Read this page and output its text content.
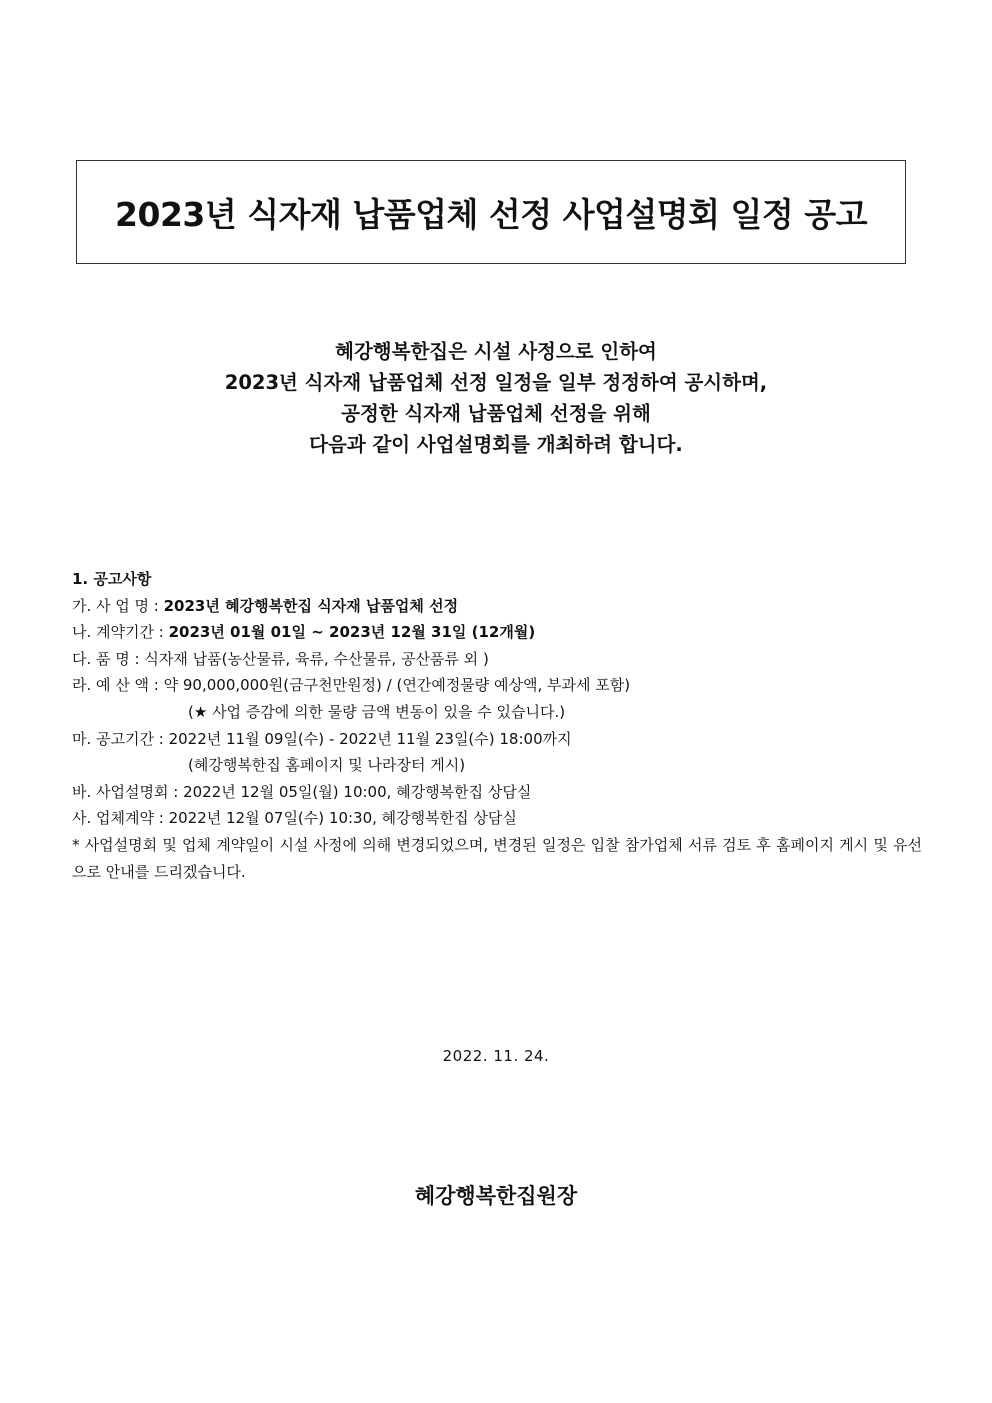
2023년 식자재 납품업체 선정 사업설명회 일정 공고
혜강행복한집은 시설 사정으로 인하여
2023년 식자재 납품업체 선정 일정을 일부 정정하여 공시하며,
공정한 식자재 납품업체 선정을 위해
다음과 같이 사업설명회를 개최하려 합니다.
1. 공고사항
가. 사 업 명 : 2023년 혜강행복한집 식자재 납품업체 선정
나. 계약기간 : 2023년 01월 01일 ~ 2023년 12월 31일 (12개월)
다. 품 명 : 식자재 납품(농산물류, 육류, 수산물류, 공산품류 외 )
라. 예 산 액 : 약 90,000,000원(금구천만원정) / (연간예정물량 예상액, 부과세 포함)
(★ 사업 증감에 의한 물량 금액 변동이 있을 수 있습니다.)
마. 공고기간 : 2022년 11월 09일(수) - 2022년 11월 23일(수) 18:00까지
(혜강행복한집 홈페이지 및 나라장터 게시)
바. 사업설명회 : 2022년 12월 05일(월) 10:00, 혜강행복한집 상담실
사. 업체계약 : 2022년 12월 07일(수) 10:30, 혜강행복한집 상담실
* 사업설명회 및 업체 계약일이 시설 사정에 의해 변경되었으며, 변경된 일정은 입찰 참가업체 서류 검토 후 홈페이지 게시 및 유선으로 안내를 드리겠습니다.
2022. 11. 24.
혜강행복한집원장
